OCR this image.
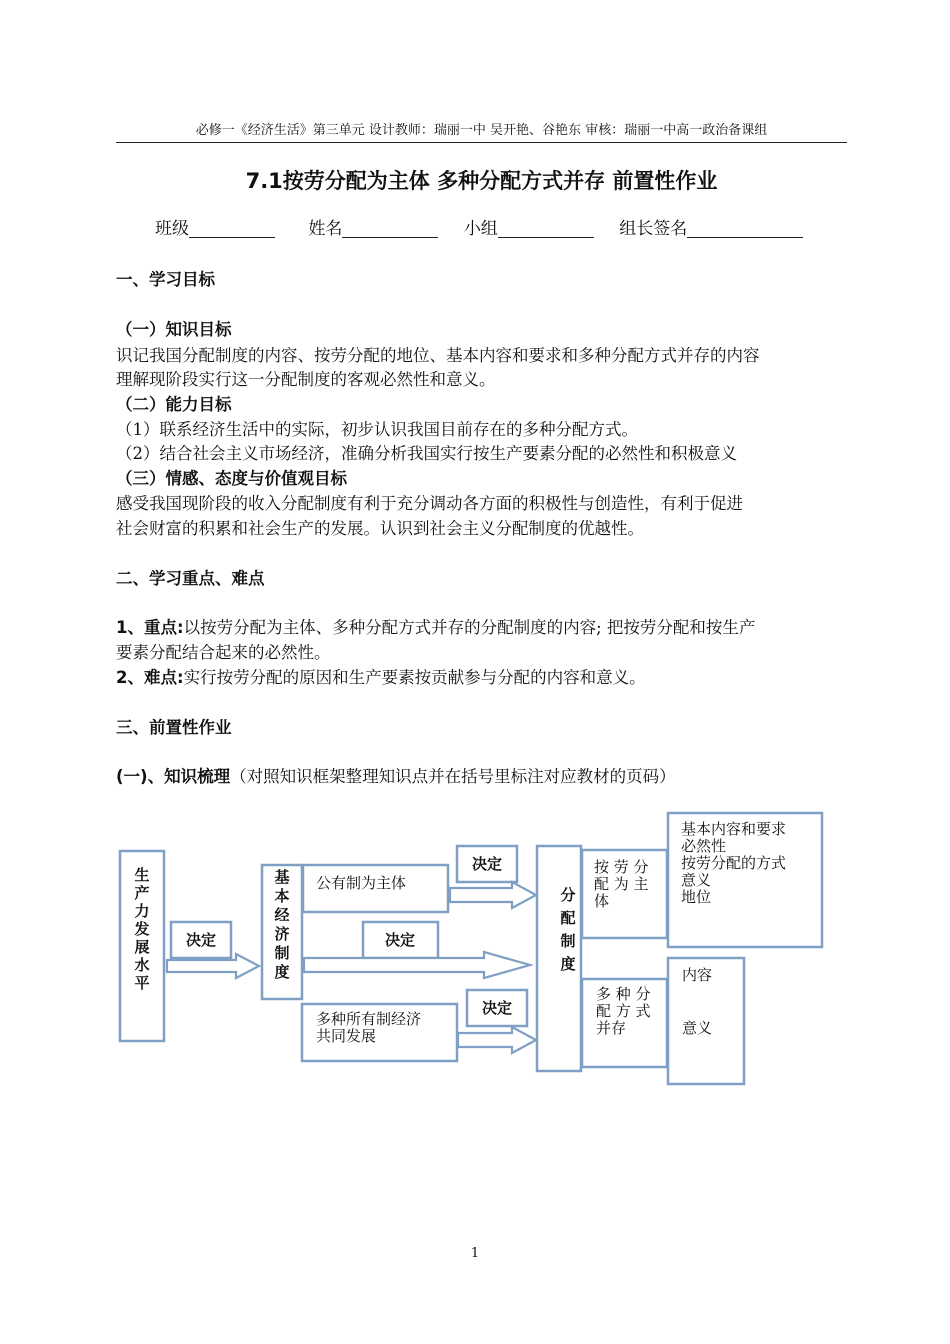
必修一《经济生活》第三单元 设计教师：瑞丽一中 吴开艳、谷艳东 审核：瑞丽一中高一政治备课组
7.1按劳分配为主体 多种分配方式并存 前置性作业
班级	姓名	小组	组长签名
一、学习目标
（一）知识目标
识记我国分配制度的内容、按劳分配的地位、基本内容和要求和多种分配方式并存的内容
理解现阶段实行这一分配制度的客观必然性和意义。
（二）能力目标
（1）联系经济生活中的实际，初步认识我国目前存在的多种分配方式。
（2）结合社会主义市场经济，准确分析我国实行按生产要素分配的必然性和积极意义
（三）情感、态度与价值观目标
感受我国现阶段的收入分配制度有利于充分调动各方面的积极性与创造性，有利于促进
社会财富的积累和社会生产的发展。认识到社会主义分配制度的优越性。
二、学习重点、难点
1、重点:以按劳分配为主体、多种分配方式并存的分配制度的内容; 把按劳分配和按生产
要素分配结合起来的必然性。
2、难点:实行按劳分配的原因和生产要素按贡献参与分配的内容和意义。
三、前置性作业
(一)、知识梳理（对照知识框架整理知识点并在括号里标注对应教材的页码）
生产力发展水平
基本经济制度
公有制为主体
多种所有制经济
共同发展
决定	决定
决定
决定
分配制度
按 劳 分
配 为 主
体
多 种 分
配 方 式
并存
基本内容和要求
必然性
按劳分配的方式
意义
地位
内容
意义
1
